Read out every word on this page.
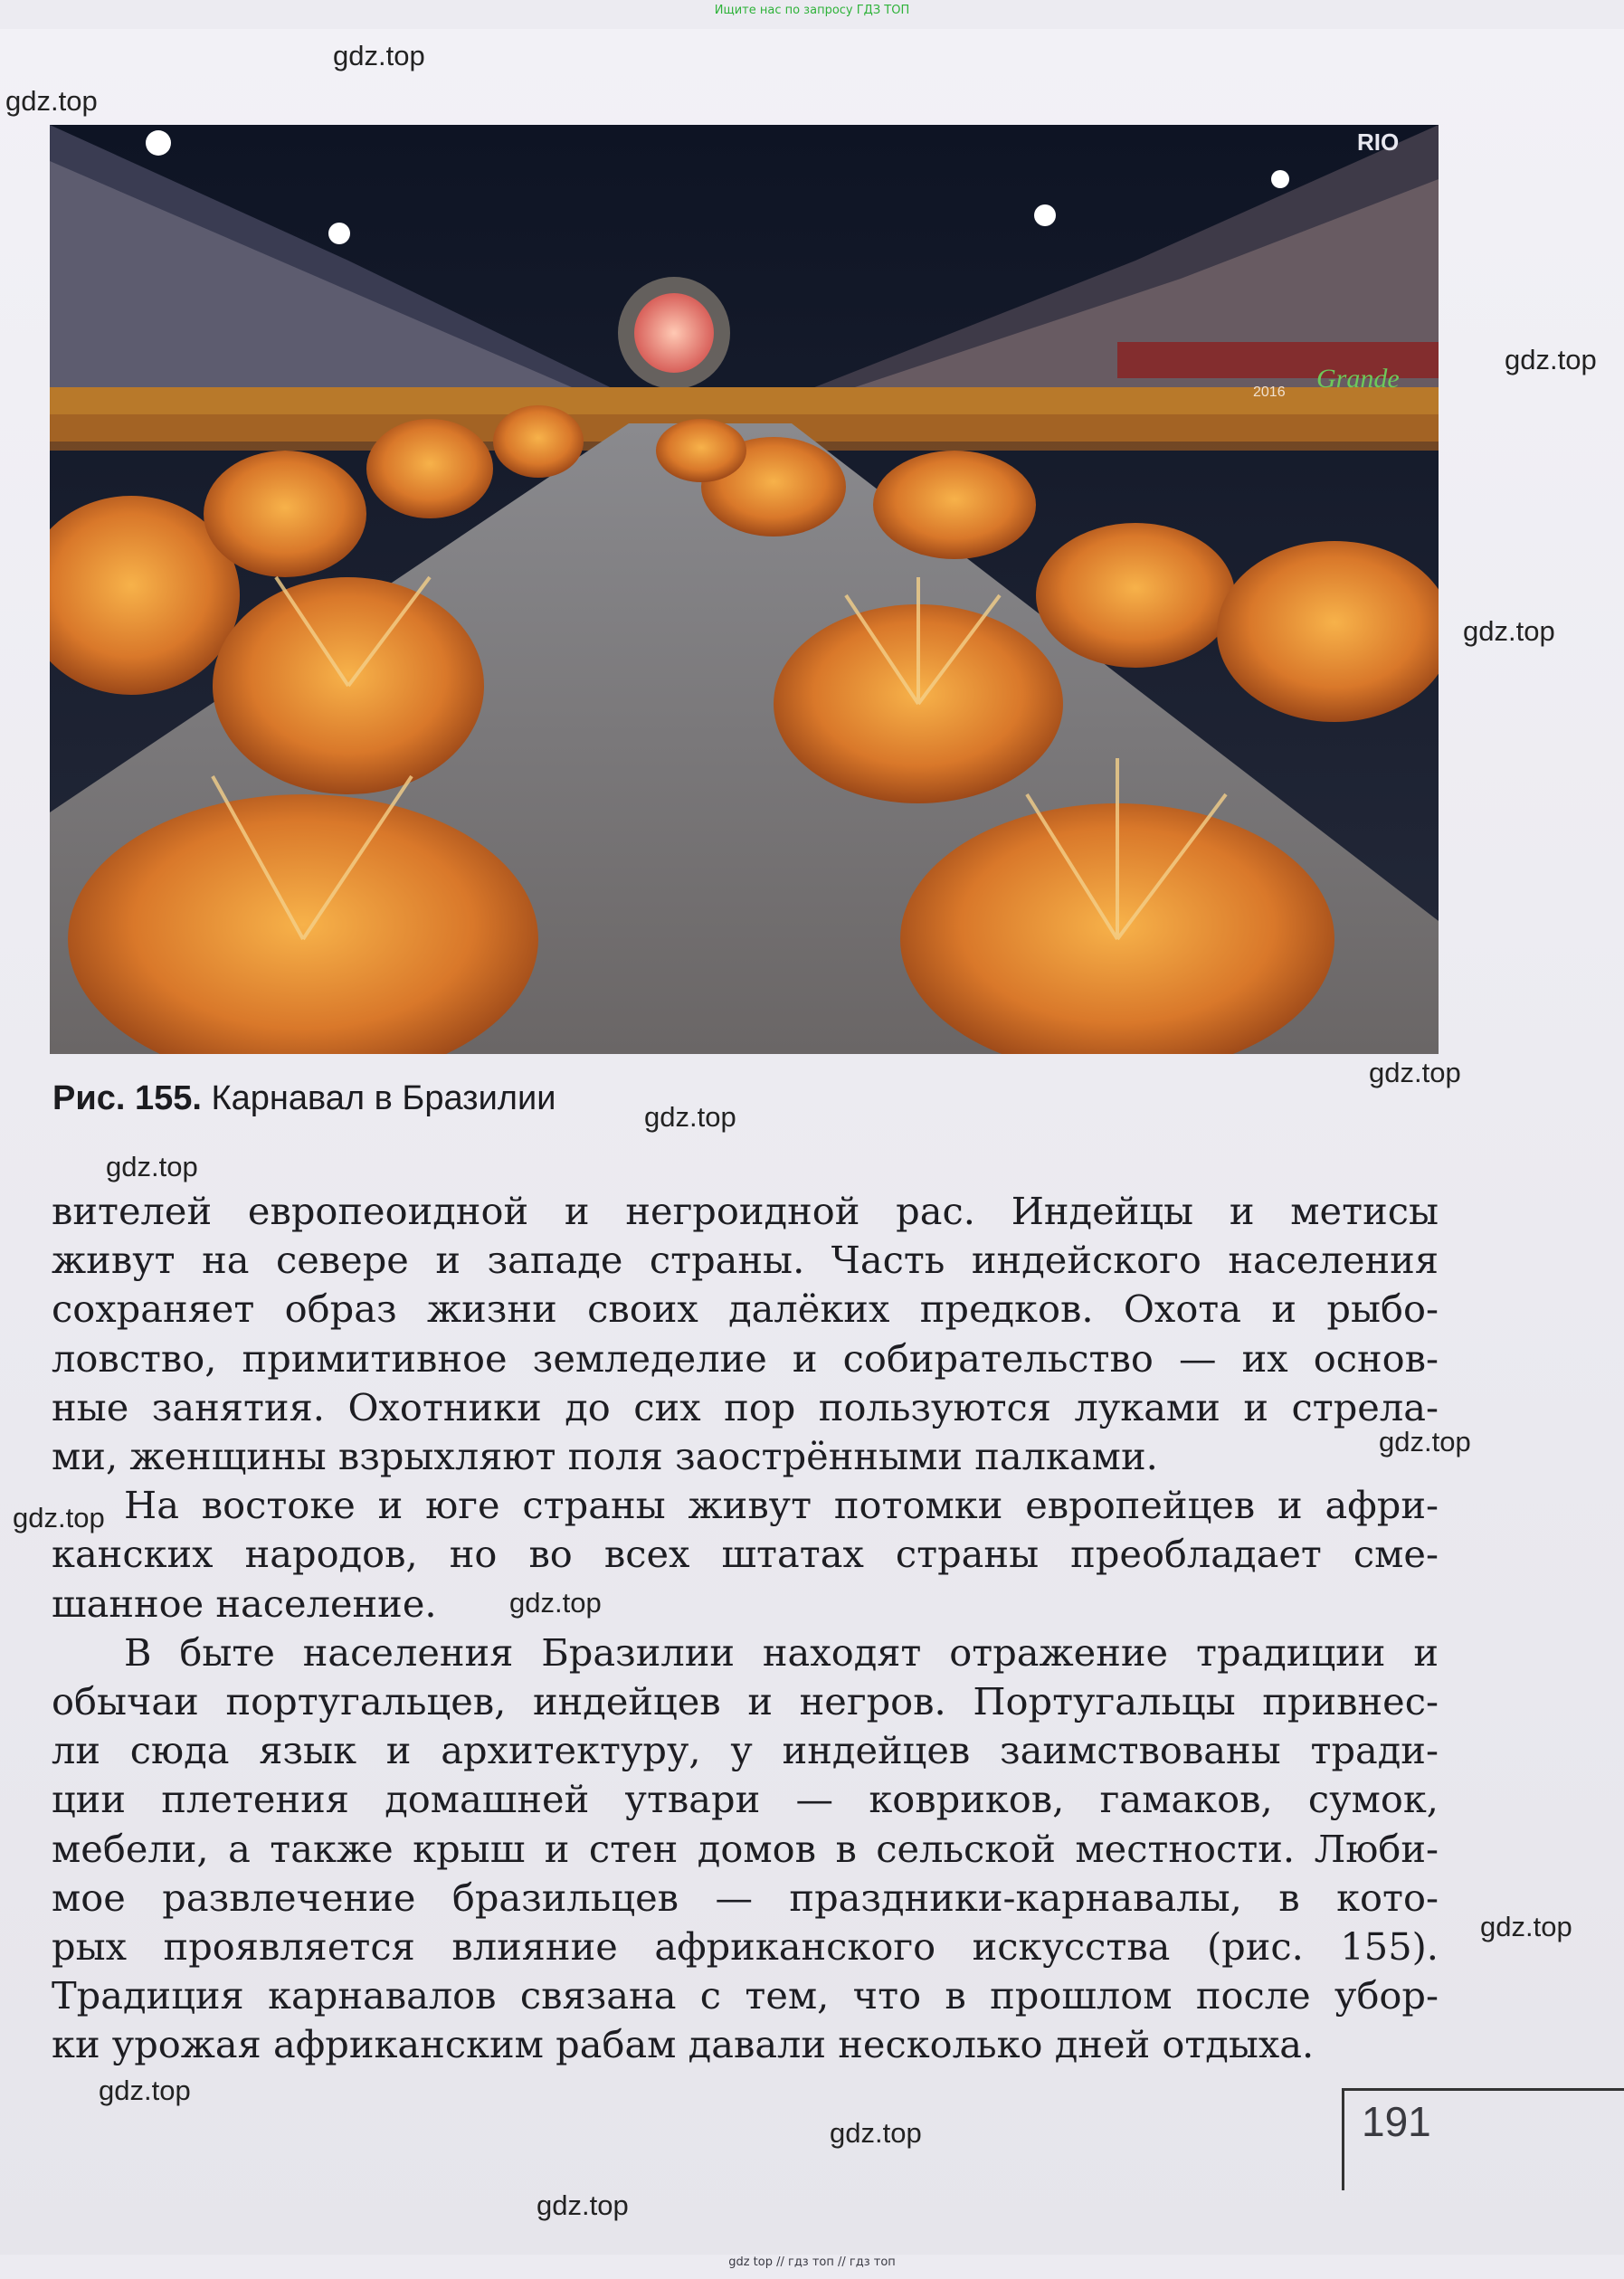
Ищите нас по запросу ГДЗ ТОП
RIO
Grande
2016
Рис. 155. Карнавал в Бразилии

вителей европеоидной и негроидной рас. Индейцы и метисы
живут на севере и западе страны. Часть индейского населения
сохраняет образ жизни своих далёких предков. Охота и рыбо-
ловство, примитивное земледелие и собирательство — их основ-
ные занятия. Охотники до сих пор пользуются луками и стрела-
ми, женщины взрыхляют поля заострёнными палками.

На востоке и юге страны живут потомки европейцев и афри-
канских народов, но во всех штатах страны преобладает сме-
шанное население.

В быте населения Бразилии находят отражение традиции и
обычаи португальцев, индейцев и негров. Португальцы привнес-
ли сюда язык и архитектуру, у индейцев заимствованы тради-
ции плетения домашней утвари — ковриков, гамаков, сумок,
мебели, а также крыш и стен домов в сельской местности. Люби-
мое развлечение бразильцев — праздники-карнавалы, в кото-
рых проявляется влияние африканского искусства (рис. 155).
Традиция карнавалов связана с тем, что в прошлом после убор-
ки урожая африканским рабам давали несколько дней отдыха.

191
gdz.top
gdz.top
gdz.top
gdz.top
gdz.top
gdz.top
gdz.top
gdz.top
gdz.top
gdz.top
gdz.top
gdz.top
gdz.top
gdz.top
gdz top // гдз топ // гдз топ
